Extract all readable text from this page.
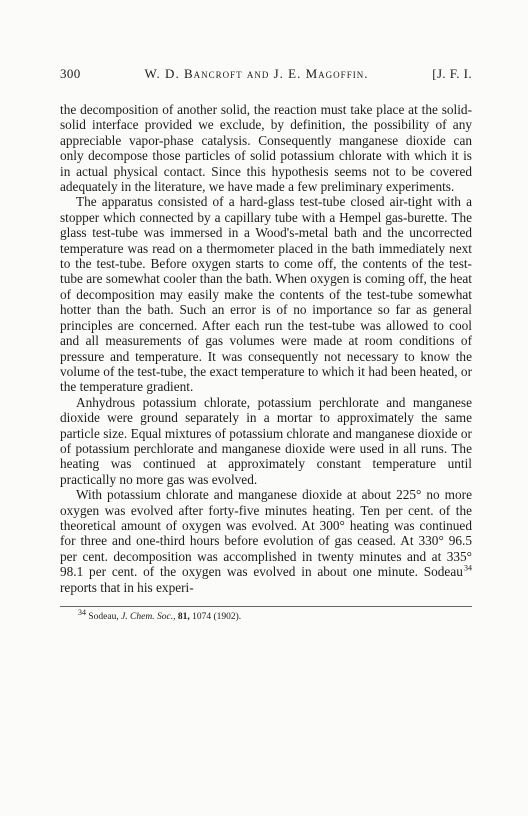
300	W. D. Bancroft and J. E. Magoffin.	[J. F. I.

the decomposition of another solid, the reaction must take place at the solid-solid interface provided we exclude, by definition, the possibility of any appreciable vapor-phase catalysis. Consequently manganese dioxide can only decompose those particles of solid potassium chlorate with which it is in actual physical contact. Since this hypothesis seems not to be covered adequately in the literature, we have made a few preliminary experiments.

The apparatus consisted of a hard-glass test-tube closed air-tight with a stopper which connected by a capillary tube with a Hempel gas-burette. The glass test-tube was immersed in a Wood's-metal bath and the uncorrected temperature was read on a thermometer placed in the bath immediately next to the test-tube. Before oxygen starts to come off, the contents of the test-tube are somewhat cooler than the bath. When oxygen is coming off, the heat of decomposition may easily make the contents of the test-tube somewhat hotter than the bath. Such an error is of no importance so far as general principles are concerned. After each run the test-tube was allowed to cool and all measurements of gas volumes were made at room conditions of pressure and temperature. It was consequently not necessary to know the volume of the test-tube, the exact temperature to which it had been heated, or the temperature gradient.

Anhydrous potassium chlorate, potassium perchlorate and manganese dioxide were ground separately in a mortar to approximately the same particle size. Equal mixtures of potassium chlorate and manganese dioxide or of potassium perchlorate and manganese dioxide were used in all runs. The heating was continued at approximately constant temperature until practically no more gas was evolved.

With potassium chlorate and manganese dioxide at about 225° no more oxygen was evolved after forty-five minutes heating. Ten per cent. of the theoretical amount of oxygen was evolved. At 300° heating was continued for three and one-third hours before evolution of gas ceased. At 330° 96.5 per cent. decomposition was accomplished in twenty minutes and at 335° 98.1 per cent. of the oxygen was evolved in about one minute. Sodeau $^{34}$ reports that in his experi-

$^{34}$ Sodeau, J. Chem. Soc., 81, 1074 (1902).
